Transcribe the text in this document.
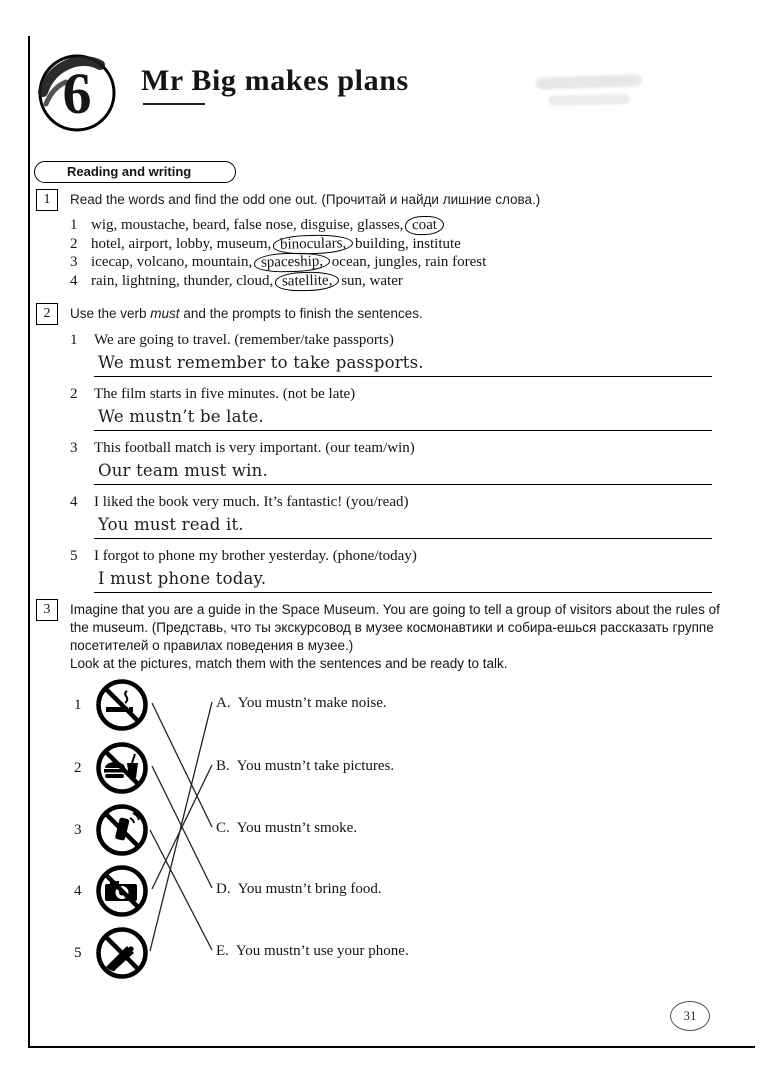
6	Mr Big makes plans
Reading and writing
1	Read the words and find the odd one out. (Прочитай и найди лишние слова.)
1 wig, moustache, beard, false nose, disguise, glasses, coat
2 hotel, airport, lobby, museum, binoculars, building, institute
3 icecap, volcano, mountain, spaceship, ocean, jungles, rain forest
4 rain, lightning, thunder, cloud, satellite, sun, water
2	Use the verb must and the prompts to finish the sentences.
1 We are going to travel. (remember/take passports)
We must remember to take passports.
2 The film starts in five minutes. (not be late)
We mustn’t be late.
3 This football match is very important. (our team/win)
Our team must win.
4 I liked the book very much. It’s fantastic! (you/read)
You must read it.
5 I forgot to phone my brother yesterday. (phone/today)
I must phone today.
3	Imagine that you are a guide in the Space Museum. You are going to tell a group of visitors about the rules of the museum. (Представь, что ты экскурсовод в музее космонавтики и собира-ешься рассказать группе посетителей о правилах поведения в музее.)

Look at the pictures, match them with the sentences and be ready to talk.

1
2
3
4
5
A. You mustn’t make noise.
B. You mustn’t take pictures.
C. You mustn’t smoke.
D. You mustn’t bring food.
E. You mustn’t use your phone.
31
